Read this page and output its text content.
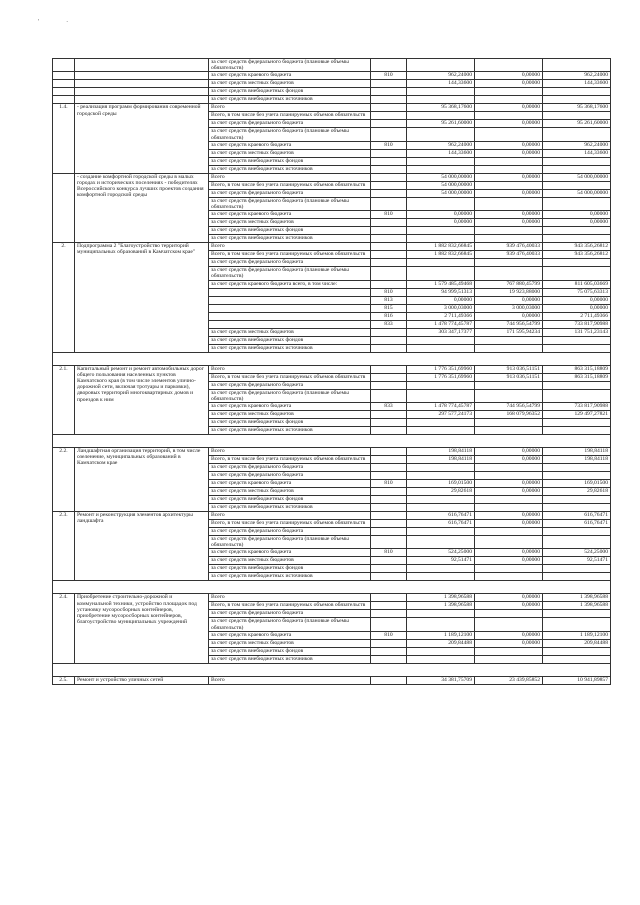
'	·
		за счет средств федерального бюджета (плановые объемы обязательств)				
		за счет средств краевого бюджета	810	962,24000	0,00000	962,24000
		за счет средств местных бюджетов		144,33600	0,00000	144,33600
		за счет средств внебюджетных фондов				
		за счет средств внебюджетных источников				
1.4.	- реализация программ формирования современной городской среды	Всего		95 368,17600	0,00000	95 368,17600
		Всего, в том числе без учета планируемых объемов обязательств				
		за счет средств федерального бюджета		95 261,60000	0,00000	95 261,60000
		за счет средств федерального бюджета (плановые объемы обязательств)				
		за счет средств краевого бюджета	810	962,24000	0,00000	962,24000
		за счет средств местных бюджетов		144,33600	0,00000	144,33600
		за счет средств внебюджетных фондов				
		за счет средств внебюджетных источников				
	- создание комфортной городской среды в малых городах и исторических поселениях - победителях Всероссийского конкурса лучших проектов создания комфортной городской среды	Всего		54 000,00000	0,00000	54 000,00000
		Всего, в том числе без учета планируемых объемов обязательств		54 000,00000		
		за счет средств федерального бюджета		54 000,00000	0,00000	54 000,00000
		за счет средств федерального бюджета (плановые объемы обязательств)				
		за счет средств краевого бюджета	810	0,00000	0,00000	0,00000
		за счет средств местных бюджетов		0,00000	0,00000	0,00000
		за счет средств внебюджетных фондов				
		за счет средств внебюджетных источников				
2.	Подпрограмма 2 "Благоустройство территорий муниципальных образований в Камчатском крае"	Всего		1 882 832,66845	939 476,40033	943 356,26812
		Всего, в том числе без учета планируемых объемов обязательств		1 882 832,66845	939 476,40033	943 356,26812
		за счет средств федерального бюджета				
		за счет средств федерального бюджета (плановые объемы обязательств)				
		за счет средств краевого бюджета всего, в том числе:		1 579 485,49468	767 880,45799	811 605,03669
			810	94 999,51313	19 923,88000	75 075,63313
			813	0,00000	0,00000	0,00000
			815	3 000,03000	3 000,03000	0,00000
			816	2 711,49366	0,00000	2 711,49366
			833	1 478 774,45787	744 956,54799	733 817,90988
		за счет средств местных бюджетов		303 347,17377	171 595,94234	131 751,23143
		за счет средств внебюджетных фондов				
		за счет средств внебюджетных источников				

2.1.	Капитальный ремонт и ремонт автомобильных дорог общего пользования населенных пунктов Камчатского края (в том числе элементов улично-дорожной сети, включая тротуары и парковки), дворовых территорий многоквартирных домов и проездов к ним	Всего		1 776 351,69960	913 036,51151	863 315,18809
		Всего, в том числе без учета планируемых объемов обязательств		1 776 351,69960	913 036,51151	863 315,18809
		за счет средств федерального бюджета				
		за счет средств федерального бюджета (плановые объемы обязательств)				
		за счет средств краевого бюджета	833	1 478 774,45787	744 956,54799	733 817,90988
		за счет средств местных бюджетов		297 577,24173	168 079,96352	129 497,27821
		за счет средств внебюджетных фондов				
		за счет средств внебюджетных источников				

2.2.	Ландшафтная организация территорий, в том числе озеленение, муниципальных образований в Камчатском крае	Всего		198,84118	0,00000	198,84118
		Всего, в том числе без учета планируемых объемов обязательств		198,84118	0,00000	198,84118
		за счет средств федерального бюджета				
		за счет средств федерального бюджета				
		за счет средств краевого бюджета	810	169,01500	0,00000	169,01500
		за счет средств местных бюджетов		29,82618	0,00000	29,82618
		за счет средств внебюджетных фондов				
		за счет средств внебюджетных источников				
2.3.	Ремонт и реконструкция элементов архитектуры ландшафта	Всего		616,76471	0,00000	616,76471
		Всего, в том числе без учета планируемых объемов обязательств		616,76471	0,00000	616,76471
		за счет средств федерального бюджета				
		за счет средств федерального бюджета (плановые объемы обязательств)				
		за счет средств краевого бюджета	810	524,25000	0,00000	524,25000
		за счет средств местных бюджетов		92,51471	0,00000	92,51471
		за счет средств внебюджетных фондов				
		за счет средств внебюджетных источников				

2.4.	Приобретение строительно-дорожной и коммунальной техники, устройство площадок под установку мусоросборных контейнеров, приобретение мусоросборных контейнеров, благоустройство муниципальных учреждений	Всего		1 398,96588	0,00000	1 398,96588
		Всего, в том числе без учета планируемых объемов обязательств		1 398,96588	0,00000	1 398,96588
		за счет средств федерального бюджета				
		за счет средств федерального бюджета (плановые объемы обязательств)				
		за счет средств краевого бюджета	810	1 189,12100	0,00000	1 189,12100
		за счет средств местных бюджетов		209,84488	0,00000	209,84488
		за счет средств внебюджетных фондов				
		за счет средств внебюджетных источников				

2.5.	Ремонт и устройство уличных сетей	Всего		34 381,75709	23 439,85852	10 941,89857
